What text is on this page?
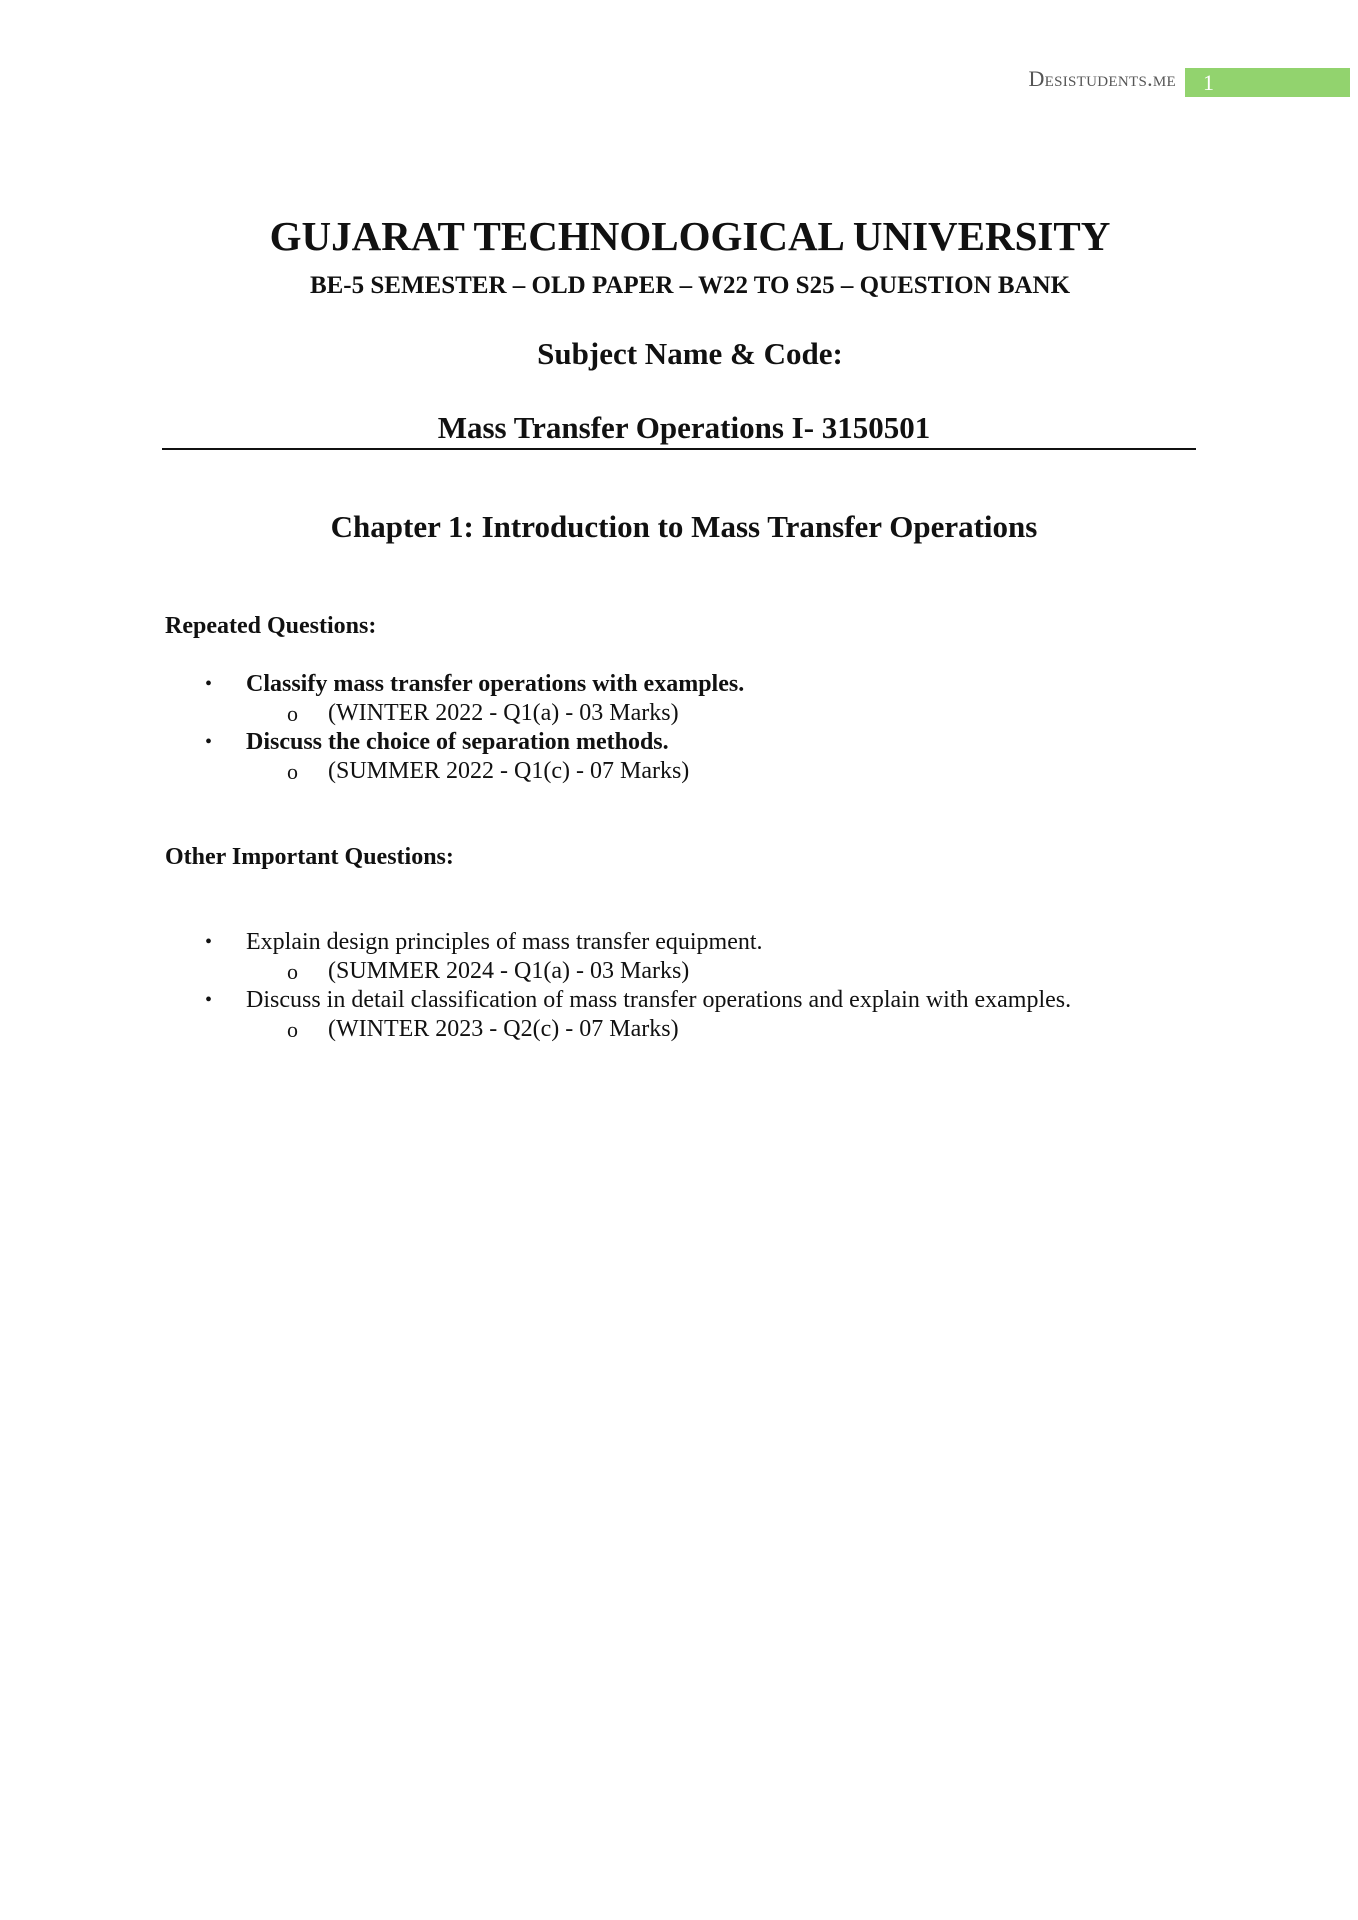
Desistudents.me	1
GUJARAT TECHNOLOGICAL UNIVERSITY
BE-5 SEMESTER – OLD PAPER – W22 TO S25 – QUESTION BANK
Subject Name & Code:
Mass Transfer Operations I- 3150501
Chapter 1: Introduction to Mass Transfer Operations
Repeated Questions:
• Classify mass transfer operations with examples.
o (WINTER 2022 - Q1(a) - 03 Marks)
• Discuss the choice of separation methods.
o (SUMMER 2022 - Q1(c) - 07 Marks)
Other Important Questions:
• Explain design principles of mass transfer equipment.
o (SUMMER 2024 - Q1(a) - 03 Marks)
• Discuss in detail classification of mass transfer operations and explain with examples.
o (WINTER 2023 - Q2(c) - 07 Marks)
